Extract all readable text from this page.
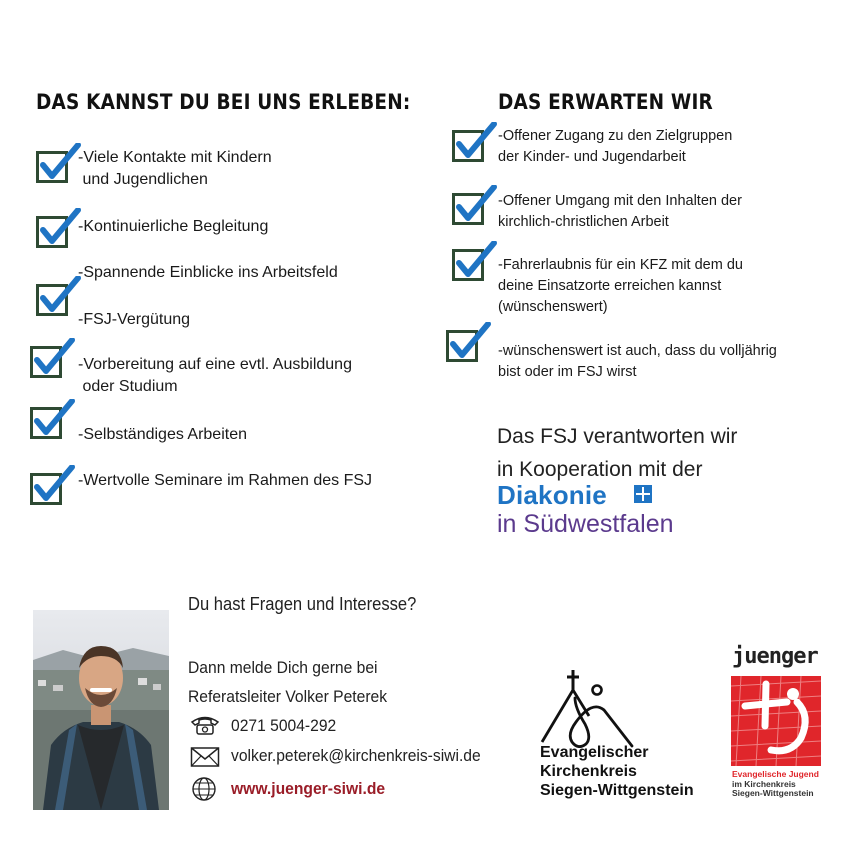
DAS KANNST DU BEI UNS ERLEBEN:
-Viele Kontakte mit Kindern
und Jugendlichen
-Kontinuierliche Begleitung
-Spannende Einblicke ins Arbeitsfeld
-FSJ-Vergütung
-Vorbereitung auf eine evtl. Ausbildung
oder Studium
-Selbständiges Arbeiten
-Wertvolle Seminare im Rahmen des FSJ
DAS ERWARTEN WIR
-Offener Zugang zu den Zielgruppen
der Kinder- und Jugendarbeit
-Offener Umgang mit den Inhalten der
kirchlich-christlichen Arbeit
-Fahrerlaubnis für ein KFZ mit dem du
deine Einsatzorte erreichen kannst
(wünschenswert)
-wünschenswert ist auch, dass du volljährig
bist oder im FSJ wirst
Das FSJ verantworten wir
in Kooperation mit der
Diakonie
in Südwestfalen
Du hast Fragen und Interesse?
Dann melde Dich gerne bei
Referatsleiter Volker Peterek
0271 5004-292
volker.peterek@kirchenkreis-siwi.de
www.juenger-siwi.de
Evangelischer
Kirchenkreis
Siegen-Wittgenstein
juenger
Evangelische Jugend
im Kirchenkreis
Siegen-Wittgenstein
